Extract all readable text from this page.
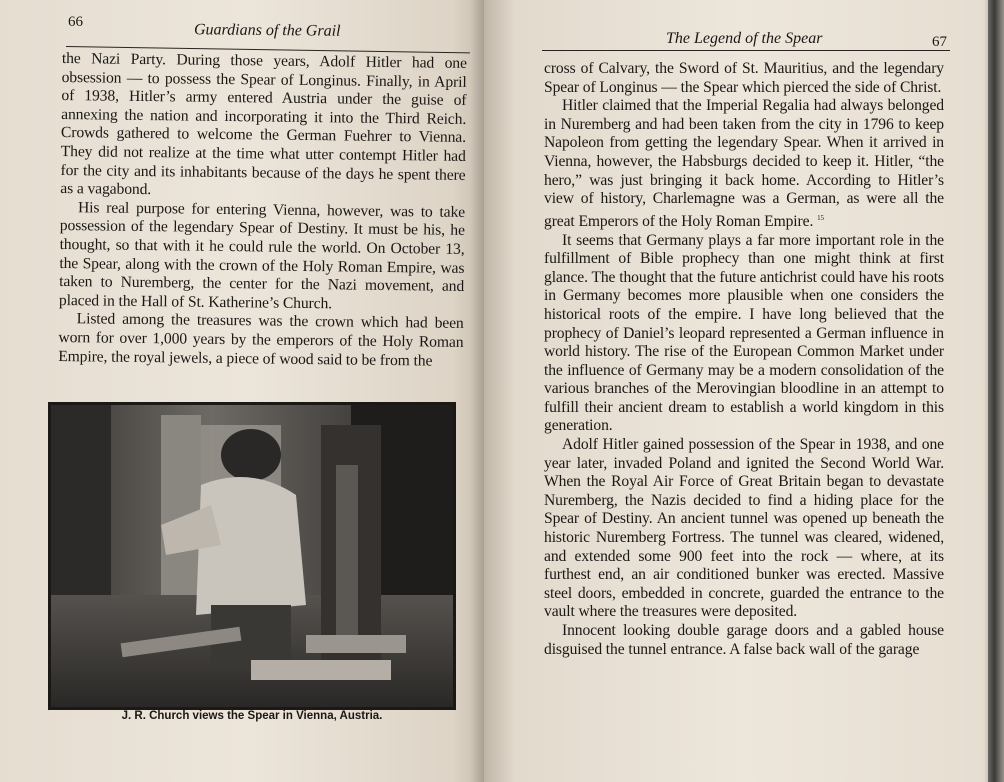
66	Guardians of the Grail

the Nazi Party. During those years, Adolf Hitler had one obsession — to possess the Spear of Longinus. Finally, in April of 1938, Hitler’s army entered Austria under the guise of annexing the nation and incorporating it into the Third Reich. Crowds gathered to welcome the German Fuehrer to Vienna. They did not realize at the time what utter contempt Hitler had for the city and its inhabitants because of the days he spent there as a vagabond.

His real purpose for entering Vienna, however, was to take possession of the legendary Spear of Destiny. It must be his, he thought, so that with it he could rule the world. On October 13, the Spear, along with the crown of the Holy Roman Empire, was taken to Nuremberg, the center for the Nazi movement, and placed in the Hall of St. Katherine’s Church.

Listed among the treasures was the crown which had been worn for over 1,000 years by the emperors of the Holy Roman Empire, the royal jewels, a piece of wood said to be from the

J. R. Church views the Spear in Vienna, Austria.
The Legend of the Spear	67

cross of Calvary, the Sword of St. Mauritius, and the legendary Spear of Longinus — the Spear which pierced the side of Christ.

Hitler claimed that the Imperial Regalia had always belonged in Nuremberg and had been taken from the city in 1796 to keep Napoleon from getting the legendary Spear. When it arrived in Vienna, however, the Habsburgs decided to keep it. Hitler, “the hero,” was just bringing it back home. According to Hitler’s view of history, Charlemagne was a German, as were all the great Emperors of the Holy Roman Empire. $^{15}$

It seems that Germany plays a far more important role in the fulfillment of Bible prophecy than one might think at first glance. The thought that the future antichrist could have his roots in Germany becomes more plausible when one considers the historical roots of the empire. I have long believed that the prophecy of Daniel’s leopard represented a German influence in world history. The rise of the European Common Market under the influence of Germany may be a modern consolidation of the various branches of the Merovingian bloodline in an attempt to fulfill their ancient dream to establish a world kingdom in this generation.

Adolf Hitler gained possession of the Spear in 1938, and one year later, invaded Poland and ignited the Second World War. When the Royal Air Force of Great Britain began to devastate Nuremberg, the Nazis decided to find a hiding place for the Spear of Destiny. An ancient tunnel was opened up beneath the historic Nuremberg Fortress. The tunnel was cleared, widened, and extended some 900 feet into the rock — where, at its furthest end, an air conditioned bunker was erected. Massive steel doors, embedded in concrete, guarded the entrance to the vault where the treasures were deposited.

Innocent looking double garage doors and a gabled house disguised the tunnel entrance. A false back wall of the garage
